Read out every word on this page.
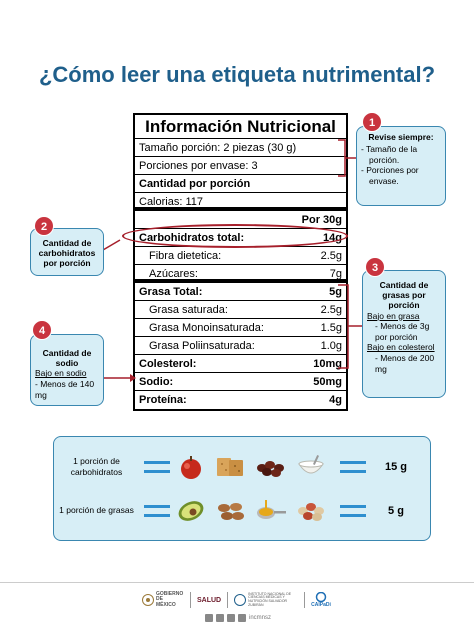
¿Cómo leer una etiqueta nutrimental?
Información Nutricional
Tamaño porción: 2 piezas (30 g)
Porciones por envase: 3
Cantidad por porción
Calorias: 117
Por 30g
Carbohidratos total:	14g
Fibra dietetica:	2.5g
Azúcares:	7g
Grasa Total:	5g
Grasa saturada:	2.5g
Grasa Monoinsaturada:	1.5g
Grasa Poliinsaturada:	1.0g
Colesterol:	10mg
Sodio:	50mg
Proteína:	4g
Revise siempre:
- Tamaño de la porción.
- Porciones por envase.
1
Cantidad de carbohidratos por porción
2
Cantidad de grasas por porción
Bajo en grasa
- Menos de 3g por porción
Bajo en colesterol
- Menos de 200 mg
3
Cantidad de sodio
Bajo en sodio
- Menos de 140 mg
4
1 porción de carbohidratos	15 g
1 porción de grasas	5 g
GOBIERNO DE MÉXICO
SALUD
INSTITUTO NACIONAL DE CIENCIAS MÉDICAS Y NUTRICIÓN SALVADOR ZUBIRÁN	CAIPaDi
incmnsz
